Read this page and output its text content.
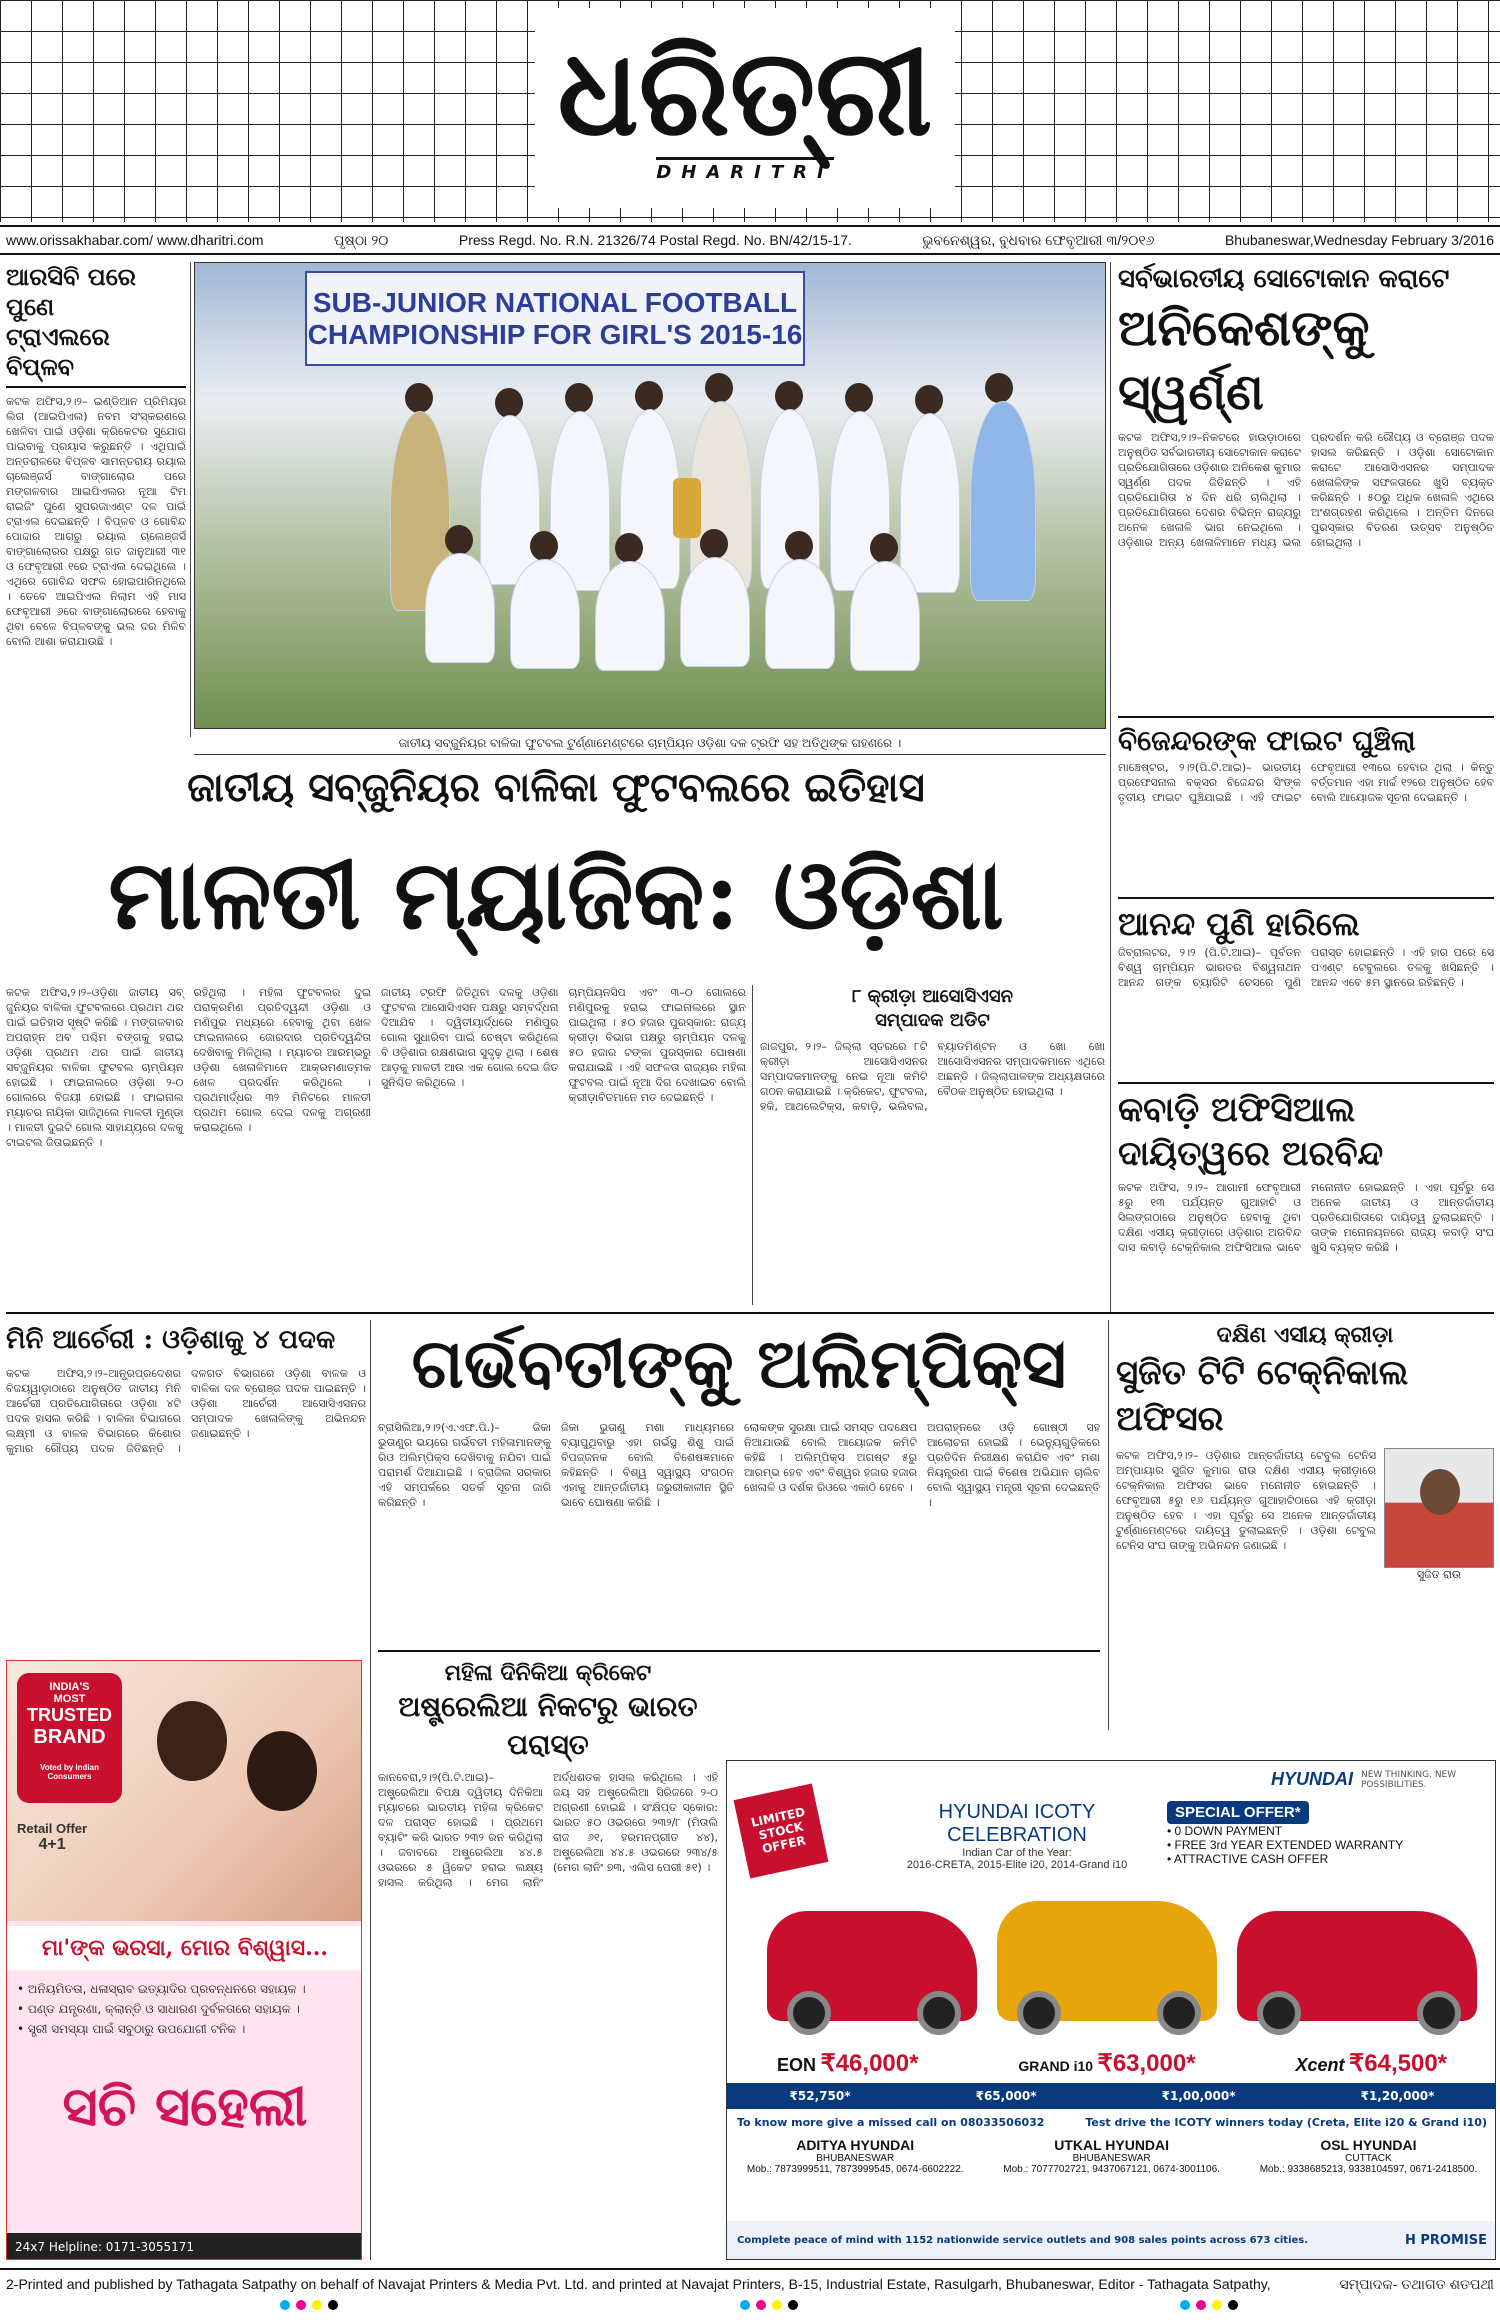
ଧରିତ୍ରୀ
DHARITRI
www.orissakhabar.com/ www.dharitri.com	ପୃଷ୍ଠା ୨୦	Press Regd. No. R.N. 21326/74 Postal Regd. No. BN/42/15-17.	ଭୁବନେଶ୍ୱର, ବୁଧବାର ଫେବୃଆରୀ ୩/୨୦୧୬	Bhubaneswar,Wednesday February 3/2016
ଆରସିବି ପରେ ପୁଣେ
ଟ୍ରାଏଲରେ ବିପ୍ଳବ
କଟକ ଅଫିସ,୨।୨– ଇଣ୍ଡିଆନ ପ୍ରିମିୟର ଲିଗ (ଆଇପିଏଲ) ନବମ ସଂସ୍କରଣରେ ଖେଳିବା ପାଇଁ ଓଡ଼ିଶା କ୍ରିକେଟର ସୁଯୋଗ ପାଇବାକୁ ପ୍ରୟାସ କରୁଛନ୍ତି । ଏଥିପାଇଁ ଅନ୍ତରାଳରେ ବିପ୍ଳବ ସାମନ୍ତରାୟ ରୟାଲ ଚାଲେଞ୍ଜର୍ସ ବାଙ୍ଗାଲୋର ପରେ ମଙ୍ଗଳବାର ଆଇପିଏଲର ନୂଆ ଟିମ ରାଇଜିଂ ପୁଣେ ସୁପରଜାଏଣ୍ଟ ଦଳ ପାଇଁ ଟ୍ରାଏଲ ଦେଇଛନ୍ତି । ବିପ୍ଳବ ଓ ଗୋବିନ୍ଦ ପୋଦ୍ଦାର ଆଗରୁ ରୟାଲ ଚାଲେଞ୍ଜର୍ସ ବାଙ୍ଗାଲୋରର ପକ୍ଷରୁ ଗତ ଜାନୁଆରୀ ୩୧ ଓ ଫେବୃଆରୀ ୧ରେ ଟ୍ରାଏଲ ଦେଇଥିଲେ । ଏଥିରେ ଗୋବିନ୍ଦ ସଫଳ ହୋଇପାରିନଥିଲେ । ତେବେ ଆଇପିଏଲ ନିଲାମ ଏହି ମାସ ଫେବୃଆରୀ ୬ରେ ବାଙ୍ଗାଲୋରରେ ହେବାକୁ ଥିବା ବେଳେ ବିପ୍ଳବଙ୍କୁ ଭଲ ଦର ମିଳିବ ବୋଲି ଆଶା କରାଯାଉଛି ।
SUB-JUNIOR NATIONAL FOOTBALL
CHAMPIONSHIP FOR GIRL'S 2015-16
ଜାତୀୟ ସବ୍‌ଜୁନିୟର ବାଳିକା ଫୁଟବଲ ଟୁର୍ଣ୍ଣାମେଣ୍ଟରେ ଚାମ୍ପିୟନ ଓଡ଼ିଶା ଦଳ ଟ୍ରଫି ସହ ଅତିଥିଙ୍କ ଗହଣରେ ।
ସର୍ବଭାରତୀୟ ସୋଟୋକାନ କରାଟେ
ଅନିକେଶଙ୍କୁ ସ୍ୱର୍ଣ୍ଣ
କଟକ ଅଫିସ,୨।୨–ନିକଟରେ ହାଉଡ଼ାଠାରେ ଅନୁଷ୍ଠିତ ସର୍ବଭାରତୀୟ ସୋଟୋକାନ କରାଟେ ପ୍ରତିଯୋଗିତାରେ ଓଡ଼ିଶାର ଅନିକେଶ କୁମାର ସ୍ୱର୍ଣ୍ଣ ପଦକ ଜିତିଛନ୍ତି । ଏହି ପ୍ରତିଯୋଗିତା ୪ ଦିନ ଧରି ଚାଲିଥିଲା । ପ୍ରତିଯୋଗିତାରେ ଦେଶର ବିଭିନ୍ନ ରାଜ୍ୟରୁ ଅନେକ ଖେଳାଳି ଭାଗ ନେଇଥିଲେ । ଓଡ଼ିଶାର ଅନ୍ୟ ଖେଳାଳିମାନେ ମଧ୍ୟ ଭଲ ପ୍ରଦର୍ଶନ କରି ରୌପ୍ୟ ଓ ବ୍ରୋଞ୍ଜ ପଦକ ହାସଲ କରିଛନ୍ତି । ଓଡ଼ିଶା ସୋଟୋକାନ କରାଟେ ଆସୋସିଏସନର ସମ୍ପାଦକ ଖେଳାଳିଙ୍କ ସଫଳତାରେ ଖୁସି ବ୍ୟକ୍ତ କରିଛନ୍ତି । ୫୦ରୁ ଅଧିକ ଖେଳାଳି ଏଥିରେ ଅଂଶଗ୍ରହଣ କରିଥିଲେ । ଅନ୍ତିମ ଦିନରେ ପୁରସ୍କାର ବିତରଣ ଉତ୍ସବ ଅନୁଷ୍ଠିତ ହୋଇଥିଲା ।
ବିଜେନ୍ଦରଙ୍କ ଫାଇଟ ଘୁଞ୍ଚିଲା
ମାଞ୍ଚେଷ୍ଟର, ୨।୨(ପି.ଟି.ଆଇ)– ଭାରତୀୟ ପ୍ରଫେସନାଲ ବକ୍ସର ବିଜେନ୍ଦର ସିଂଙ୍କ ତୃତୀୟ ଫାଇଟ ଘୁଞ୍ଚିଯାଇଛି । ଏହି ଫାଇଟ ଫେବୃଆରୀ ୧୩ରେ ହେବାର ଥିଲା । କିନ୍ତୁ ବର୍ତ୍ତମାନ ଏହା ମାର୍ଚ୍ଚ ୧୨ରେ ଅନୁଷ୍ଠିତ ହେବ ବୋଲି ଆୟୋଜକ ସୂଚନା ଦେଇଛନ୍ତି ।
ଆନନ୍ଦ ପୁଣି ହାରିଲେ
ଜିବ୍ରାଲଟର, ୨।୨ (ପି.ଟି.ଆଇ)– ପୂର୍ବତନ ବିଶ୍ୱ ଚାମ୍ପିୟନ ଭାରତର ବିଶ୍ୱନାଥନ ଆନନ୍ଦ ଗଙ୍କ ଚ୍ୟାରିଟି ଚେସରେ ପୁଣି ପରାସ୍ତ ହୋଇଛନ୍ତି । ଏହି ହାର ପରେ ସେ ପଏଣ୍ଟ ଟେବୁଲରେ ତଳକୁ ଖସିଛନ୍ତି । ଆନନ୍ଦ ଏବେ ୫ମ ସ୍ଥାନରେ ରହିଛନ୍ତି ।
କବାଡ଼ି ଅଫିସିଆଲ
ଦାୟିତ୍ୱରେ ଅରବିନ୍ଦ
କଟକ ଅଫିସ, ୨।୨– ଆଗାମୀ ଫେବୃଆରୀ ୫ରୁ ୧୩ ପର୍ଯ୍ୟନ୍ତ ଗୁଆହାଟି ଓ ସିଲଙ୍ଗଠାରେ ଅନୁଷ୍ଠିତ ହେବାକୁ ଥିବା ଦକ୍ଷିଣ ଏସୀୟ କ୍ରୀଡ଼ାରେ ଓଡ଼ିଶାର ଅରବିନ୍ଦ ଦାସ କବାଡ଼ି ଟେକ୍ନିକାଲ ଅଫିସିଆଲ ଭାବେ ମନୋନୀତ ହୋଇଛନ୍ତି । ଏହା ପୂର୍ବରୁ ସେ ଅନେକ ଜାତୀୟ ଓ ଆନ୍ତର୍ଜାତୀୟ ପ୍ରତିଯୋଗିତାରେ ଦାୟିତ୍ୱ ତୁଲାଇଛନ୍ତି । ତାଙ୍କ ମନୋନୟନରେ ରାଜ୍ୟ କବାଡ଼ି ସଂଘ ଖୁସି ବ୍ୟକ୍ତ କରିଛି ।
ଜାତୀୟ ସବ୍‌ଜୁନିୟର ବାଳିକା ଫୁଟବଲରେ ଇତିହାସ
ମାଳତୀ ମ୍ୟାଜିକ: ଓଡ଼ିଶା
କଟକ ଅଫିସ,୨।୨–ଓଡ଼ିଶା ଜାତୀୟ ସବ୍ ଜୁନିୟର ବାଳିକା ଫୁଟବଲରେ ପ୍ରଥମ ଥର ପାଇଁ ଇତିହାସ ସୃଷ୍ଟି କରିଛି । ମଙ୍ଗଳବାର ଅପରାହ୍ନ ଅବ ପଶ୍ଚିମ ବଙ୍ଗକୁ ହରାଇ ଓଡ଼ିଶା ପ୍ରଥମ ଥର ପାଇଁ ଜାତୀୟ ସବ୍‌ଜୁନିୟର ବାଳିକା ଫୁଟବଲ ଚାମ୍ପିୟନ ହୋଇଛି । ଫାଇନାଲରେ ଓଡ଼ିଶା ୨-୦ ଗୋଲରେ ବିଜୟୀ ହୋଇଛି । ଫାଇନାଲ ମ୍ୟାଚର ନାୟିକା ସାଜିଥିଲେ ମାଳତୀ ମୁଣ୍ଡା । ମାଳତୀ ଦୁଇଟି ଗୋଲ ସାହାଯ୍ୟରେ ଦଳକୁ ଟାଇଟଲ ଜିତାଇଛନ୍ତି ।
ରହିଥିଲା । ମହିଳା ଫୁଟବଲର ଦୁଇ ପରାକ୍ରମିଣ ପ୍ରତିଦ୍ୱନ୍ଦୀ ଓଡ଼ିଶା ଓ ମଣିପୁର ମଧ୍ୟରେ ହେବାକୁ ଥିବା ଖେଳ ଫାଇନାଲରେ ଜୋରଦାର ପ୍ରତିଦ୍ୱନ୍ଦିତା ଦେଖିବାକୁ ମିଳିଥିଲା । ମ୍ୟାଚର ଆରମ୍ଭରୁ ଓଡ଼ିଶା ଖେଳାଳିମାନେ ଆକ୍ରମଣାତ୍ମକ ଖେଳ ପ୍ରଦର୍ଶନ କରିଥିଲେ । ପ୍ରଥମାର୍ଦ୍ଧର ୩୨ ମିନିଟରେ ମାଳତୀ ପ୍ରଥମ ଗୋଲ ଦେଇ ଦଳକୁ ଅଗ୍ରଣୀ କରାଇଥିଲେ ।
ଜାତୀୟ ଟ୍ରଫି ଜିତିଥିବା ଦଳକୁ ଓଡ଼ିଶା ଫୁଟବଲ ଆସୋସିଏସନ ପକ୍ଷରୁ ସମ୍ବର୍ଦ୍ଧନା ଦିଆଯିବ । ଦ୍ୱିତୀୟାର୍ଦ୍ଧରେ ମଣିପୁର ଗୋଲ ସୁଧାରିବା ପାଇଁ ଚେଷ୍ଟା କରିଥିଲେ ବି ଓଡ଼ିଶାର ରକ୍ଷଣଭାଗ ସୁଦୃଢ଼ ଥିଲା । ଶେଷ ଆଡ଼କୁ ମାଳତୀ ଆଉ ଏକ ଗୋଲ ଦେଇ ଜିତ ସୁନିଶ୍ଚିତ କରିଥିଲେ ।
ଚାମ୍ପିୟନସିପ ଏବଂ ୩–୦ ଗୋଲରେ ମଣିପୁରକୁ ହରାଇ ଫାଇନାଲରେ ସ୍ଥାନ ପାଇଥିଲା । ୫୦ ହଜାର ପୁରସ୍କାର: ରାଜ୍ୟ କ୍ରୀଡ଼ା ବିଭାଗ ପକ୍ଷରୁ ଚାମ୍ପିୟନ ଦଳକୁ ୫୦ ହଜାର ଟଙ୍କା ପୁରସ୍କାର ଘୋଷଣା କରାଯାଇଛି । ଏହି ସଫଳତା ରାଜ୍ୟର ମହିଳା ଫୁଟବଲ ପାଇଁ ନୂଆ ଦିଗ ଦେଖାଇବ ବୋଲି କ୍ରୀଡ଼ାବିତମାନେ ମତ ଦେଇଛନ୍ତି ।
୮ କ୍ରୀଡ଼ା ଆସୋସିଏସନ
ସମ୍ପାଦକ ଅଡିଟ
ଜାଜପୁର, ୨।୨– ଜିଲ୍ଲା ସ୍ତରରେ ୮ଟି କ୍ରୀଡ଼ା ଆସୋସିଏସନର ସମ୍ପାଦକମାନଙ୍କୁ ନେଇ ନୂଆ କମିଟି ଗଠନ କରାଯାଇଛି । କ୍ରିକେଟ, ଫୁଟବଲ, ହକି, ଆଥଲେଟିକ୍ସ, କବାଡ଼ି, ଭଲିବଲ, ବ୍ୟାଡମିଣ୍ଟନ ଓ ଖୋ ଖୋ ଆସୋସିଏସନର ସମ୍ପାଦକମାନେ ଏଥିରେ ଅଛନ୍ତି । ଜିଲ୍ଲାପାଳଙ୍କ ଅଧ୍ୟକ୍ଷତାରେ ବୈଠକ ଅନୁଷ୍ଠିତ ହୋଇଥିଲା ।
ମିନି ଆର୍ଚେରୀ : ଓଡ଼ିଶାକୁ ୪ ପଦକ
କଟକ ଅଫିସ,୨।୨–ଆନ୍ଧ୍ରପ୍ରଦେଶର ବିଜୟୱାଡ଼ାଠାରେ ଅନୁଷ୍ଠିତ ଜାତୀୟ ମିନି ଆର୍ଚେରୀ ପ୍ରତିଯୋଗିତାରେ ଓଡ଼ିଶା ୪ଟି ପଦକ ହାସଲ କରିଛି । ବାଳିକା ବିଭାଗରେ ଲକ୍ଷ୍ମୀ ଓ ବାଳକ ବିଭାଗରେ କିଶୋର କୁମାର ରୌପ୍ୟ ପଦକ ଜିତିଛନ୍ତି । ଦଳଗତ ବିଭାଗରେ ଓଡ଼ିଶା ବାଳକ ଓ ବାଳିକା ଦଳ ବ୍ରୋଞ୍ଜ ପଦକ ପାଇଛନ୍ତି । ଓଡ଼ିଶା ଆର୍ଚେରୀ ଆସୋସିଏସନର ସମ୍ପାଦକ ଖେଳାଳିଙ୍କୁ ଅଭିନନ୍ଦନ ଜଣାଇଛନ୍ତି ।
ଗର୍ଭବତୀଙ୍କୁ ଅଲିମ୍ପିକ୍ସ
ବ୍ରାସିଲିଆ,୨।୨(ଏ.ଏଫ.ପି.)– ଜିକା ଭୁତାଣୁର ଭୟରେ ଗର୍ଭବତୀ ମହିଳାମାନଙ୍କୁ ରିଓ ଅଲିମ୍ପିକ୍ସ ଦେଖିବାକୁ ନଯିବା ପାଇଁ ପରାମର୍ଶ ଦିଆଯାଇଛି । ବ୍ରାଜିଲ ସରକାର ଏହି ସମ୍ପର୍କରେ ସତର୍କ ସୂଚନା ଜାରି କରିଛନ୍ତି ।
ଜିକା ଭୁତାଣୁ ମଶା ମାଧ୍ୟମରେ ବ୍ୟାପୁଥିବାରୁ ଏହା ଗର୍ଭସ୍ଥ ଶିଶୁ ପାଇଁ ବିପଜ୍ଜନକ ବୋଲି ବିଶେଷଜ୍ଞମାନେ କହିଛନ୍ତି । ବିଶ୍ୱ ସ୍ୱାସ୍ଥ୍ୟ ସଂଗଠନ ଏହାକୁ ଆନ୍ତର୍ଜାତୀୟ ଜରୁରୀକାଳୀନ ସ୍ଥିତି ଭାବେ ଘୋଷଣା କରିଛି ।
ଲୋକଙ୍କ ସୁରକ୍ଷା ପାଇଁ ସମସ୍ତ ପଦକ୍ଷେପ ନିଆଯାଉଛି ବୋଲି ଆୟୋଜକ କମିଟି କହିଛି । ଅଲିମ୍ପିକ୍ସ ଅଗଷ୍ଟ ୫ରୁ ଆରମ୍ଭ ହେବ ଏବଂ ବିଶ୍ୱର ହଜାର ହଜାର ଖେଳାଳି ଓ ଦର୍ଶକ ରିଓରେ ଏକାଠି ହେବେ ।
ଅପରାହ୍ନରେ ଓଡ଼ି ଗୋଷ୍ଠୀ ସହ ଆଲୋଚନା ହୋଇଛି । ଭେନ୍ୟୁଗୁଡ଼ିକରେ ପ୍ରତିଦିନ ନିରୀକ୍ଷଣ କରାଯିବ ଏବଂ ମଶା ନିୟନ୍ତ୍ରଣ ପାଇଁ ବିଶେଷ ଅଭିଯାନ ଚାଲିବ ବୋଲି ସ୍ୱାସ୍ଥ୍ୟ ମନ୍ତ୍ରୀ ସୂଚନା ଦେଇଛନ୍ତି ।
ଦକ୍ଷିଣ ଏସୀୟ କ୍ରୀଡ଼ା
ସୁଜିତ ଟିଟି ଟେକ୍ନିକାଲ ଅଫିସର
ସୁଜିତ ରାଉ
କଟକ ଅଫିସ,୨।୨– ଓଡ଼ିଶାର ଆନ୍ତର୍ଜାତୀୟ ଟେବୁଲ ଟେନିସ ଅମ୍ପାୟାର ସୁଜିତ କୁମାର ରାଉ ଦକ୍ଷିଣ ଏସୀୟ କ୍ରୀଡ଼ାରେ ଟେକ୍ନିକାଲ ଅଫିସର ଭାବେ ମନୋନୀତ ହୋଇଛନ୍ତି । ଫେବୃଆରୀ ୫ରୁ ୧୬ ପର୍ଯ୍ୟନ୍ତ ଗୁଆହାଟିଠାରେ ଏହି କ୍ରୀଡ଼ା ଅନୁଷ୍ଠିତ ହେବ । ଏହା ପୂର୍ବରୁ ସେ ଅନେକ ଆନ୍ତର୍ଜାତୀୟ ଟୁର୍ଣ୍ଣାମେଣ୍ଟରେ ଦାୟିତ୍ୱ ତୁଲାଇଛନ୍ତି । ଓଡ଼ିଶା ଟେବୁଲ ଟେନିସ ସଂଘ ତାଙ୍କୁ ଅଭିନନ୍ଦନ ଜଣାଇଛି ।
ମହିଳା ଦିନିକିଆ କ୍ରିକେଟ
ଅଷ୍ଟ୍ରେଲିଆ ନିକଟରୁ ଭାରତ ପରାସ୍ତ
କାନବେରା,୨।୨(ପି.ଟି.ଆଇ)– ଅଷ୍ଟ୍ରେଲିଆ ବିପକ୍ଷ ଦ୍ୱିତୀୟ ଦିନିକିଆ ମ୍ୟାଚରେ ଭାରତୀୟ ମହିଳା କ୍ରିକେଟ ଦଳ ପରାସ୍ତ ହୋଇଛି । ପ୍ରଥମେ ବ୍ୟାଟିଂ କରି ଭାରତ ୨୩୨ ରନ କରିଥିଲା । ଜବାବରେ ଅଷ୍ଟ୍ରେଲିଆ ୪୪.୫ ଓଭରରେ ୫ ୱିକେଟ ହରାଇ ଲକ୍ଷ୍ୟ ହାସଲ କରିଥିଲା । ମେଗ ଲାନିଂ ଅର୍ଦ୍ଧଶତକ ହାସଲ କରିଥିଲେ । ଏହି ଜୟ ସହ ଅଷ୍ଟ୍ରେଲିଆ ସିରିଜରେ ୨-୦ ଅଗ୍ରଣୀ ହୋଇଛି । ସଂକ୍ଷିପ୍ତ ସ୍କୋର: ଭାରତ ୫୦ ଓଭରରେ ୨୩୨/୮ (ମିତାଲି ରାଜ ୬୧, ହରମନପ୍ରୀତ ୪୪), ଅଷ୍ଟ୍ରେଲିଆ ୪୪.୫ ଓଭରରେ ୨୩୪/୫ (ମେଗ ଲାନିଂ ୭୩, ଏଲିସ ପେରୀ ୫୧) ।
INDIA'S
MOST
TRUSTED
BRAND
Voted by Indian Consumers
Retail Offer
4+1
ମା'ଙ୍କ ଭରସା, ମୋର ବିଶ୍ୱାସ...
• ଅନିୟମିତତା, ଧଳାସ୍ରାବ ଇତ୍ୟାଦିର ପ୍ରବନ୍ଧନରେ ସହାୟକ ।
• ପଣ୍ଡ ଯନ୍ତ୍ରଣା, କ୍ଲାନ୍ତି ଓ ସାଧାରଣ ଦୁର୍ବଳତାରେ ସହାୟକ ।
• ସ୍ତ୍ରୀ ସମସ୍ୟା ପାଇଁ ସବୁଠାରୁ ଉପଯୋଗୀ ଟନିକ ।
ସଚି ସହେଲୀ
24x7 Helpline: 0171-3055171
HYUNDAI NEW THINKING. NEW POSSIBILITIES.
LIMITED STOCK OFFER
HYUNDAI ICOTY
CELEBRATION
Indian Car of the Year:
2016-CRETA, 2015-Elite i20, 2014-Grand i10
SPECIAL OFFER*
• 0 DOWN PAYMENT
• FREE 3rd YEAR EXTENDED WARRANTY
• ATTRACTIVE CASH OFFER
EON ₹46,000*	GRAND i10 ₹63,000*	Xcent ₹64,500*
₹52,750*	₹65,000*	₹1,00,000*	₹1,20,000*
To know more give a missed call on 08033506032	Test drive the ICOTY winners today (Creta, Elite i20 & Grand i10)
ADITYA HYUNDAI
BHUBANESWAR
Mob.: 7873999511, 7873999545, 0674-6602222.
UTKAL HYUNDAI
BHUBANESWAR
Mob.: 7077702721, 9437067121, 0674-3001106.
OSL HYUNDAI
CUTTACK
Mob.: 9338685213, 9338104597, 0671-2418500.
Complete peace of mind with 1152 nationwide service outlets and 908 sales points across 673 cities.	H PROMISE
2-Printed and published by Tathagata Satpathy on behalf of Navajat Printers & Media Pvt. Ltd. and printed at Navajat Printers, B-15, Industrial Estate, Rasulgarh, Bhubaneswar, Editor - Tathagata Satpathy,	ସମ୍ପାଦକ- ତଥାଗତ ଶତପଥୀ
